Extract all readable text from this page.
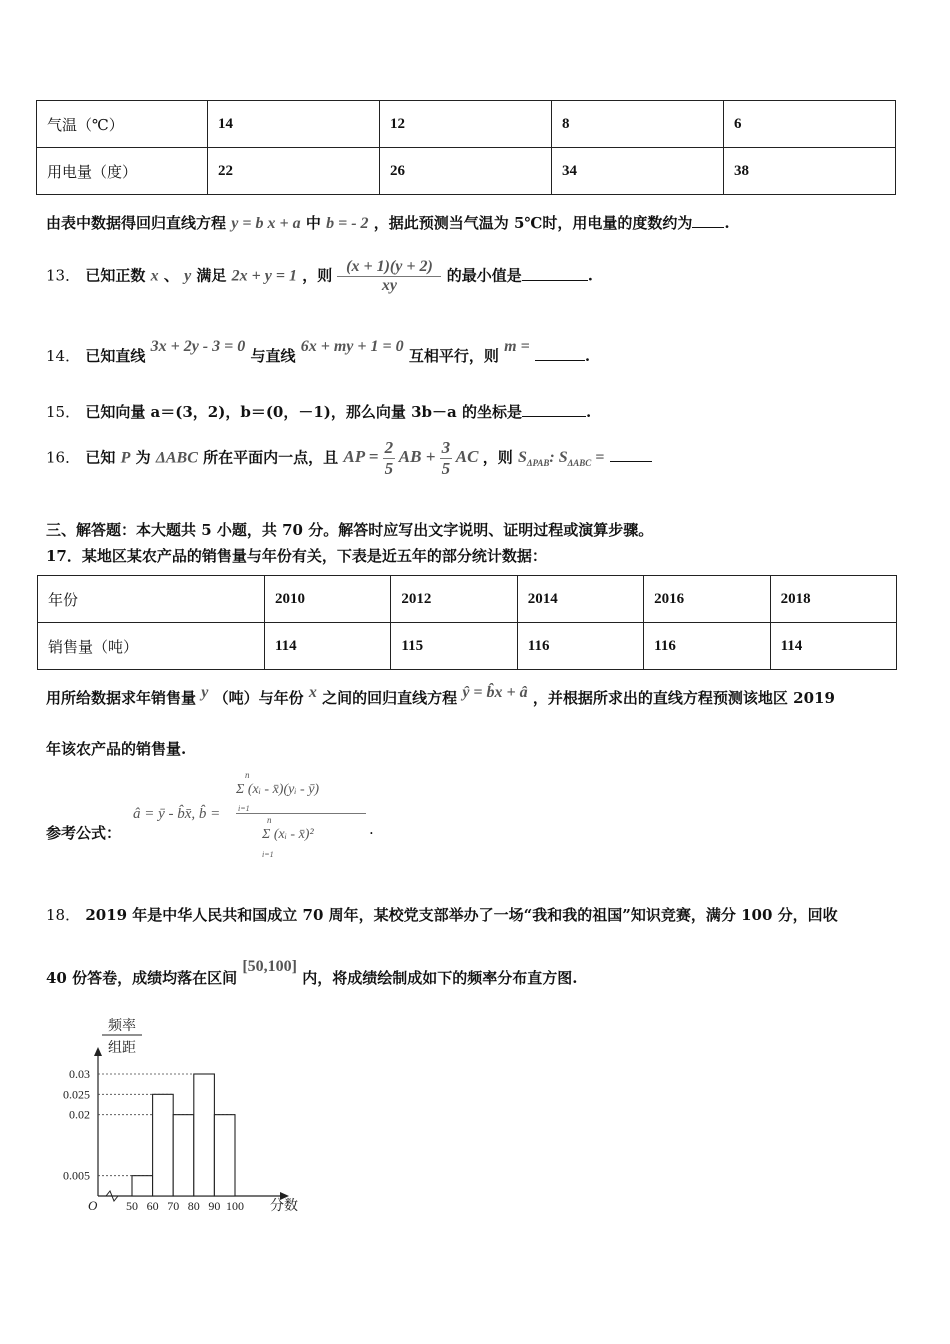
气温（℃）	14	12	8	6
用电量（度）	22	26	34	38
由表中数据得回归直线方程 y = b x + a 中 b = - 2 ，据此预测当气温为 5℃时，用电量的度数约为 .
13． 已知正数 x 、 y 满足 2x + y = 1 ，则 $\frac{(x + 1)(y + 2)}{xy}$ 的最小值是	.
14． 已知直线 3x + 2y - 3 = 0 与直线 6x + my + 1 = 0 互相平行，则 m = .
15． 已知向量 a＝(3，2)，b＝(0，－1)，那么向量 3b－a 的坐标是	.
16． 已知 P 为 ΔABC 所在平面内一点，且 AP = $\frac{2}{5}$ AB + $\frac{3}{5}$ AC ，则 $S_{\Delta PAB}$: $S_{\Delta ABC}$ =
三、解答题：本大题共 5 小题，共 70 分。解答时应写出文字说明、证明过程或演算步骤。
17．某地区某农产品的销售量与年份有关，下表是近五年的部分统计数据：
年份	2010	2012	2014	2016	2018
销售量（吨）	114	115	116	116	114
用所给数据求年销售量 y （吨）与年份 x 之间的回归直线方程 ŷ = b̂x + â ，并根据所求出的直线方程预测该地区 2019
年该农产品的销售量.
参考公式：
â = ȳ - b̂x̄, b̂ =
n
Σ (xᵢ - x̄)(yᵢ - ȳ)
i=1
n
Σ (xᵢ - x̄)²
i=1
.
18． 2019 年是中华人民共和国成立 70 周年，某校党支部举办了一场“我和我的祖国”知识竞赛，满分 100 分，回收
40 份答卷，成绩均落在区间 [50,100] 内，将成绩绘制成如下的频率分布直方图.
频率
组距
O	分数
0.03
0.025
0.02
0.005
50 60 70 80 90 100
